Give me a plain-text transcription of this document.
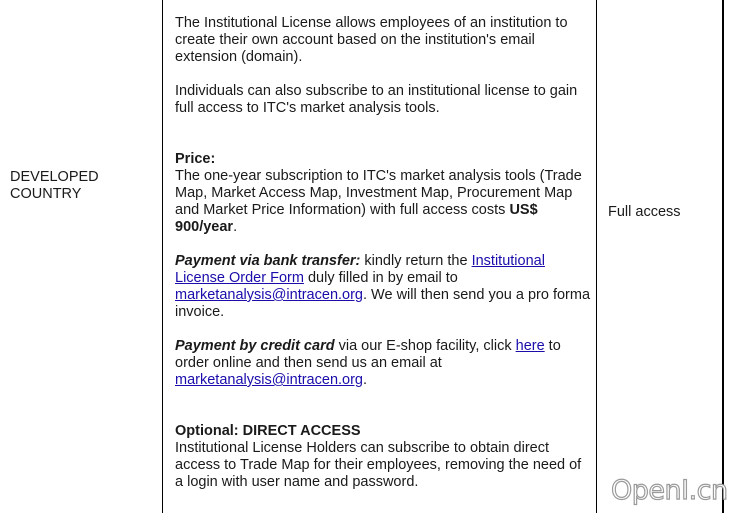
DEVELOPED
COUNTRY

The Institutional License allows employees of an institution to create their own account based on the institution's email extension (domain).

Individuals can also subscribe to an institutional license to gain full access to ITC's market analysis tools.

Price:
The one-year subscription to ITC's market analysis tools (Trade Map, Market Access Map, Investment Map, Procurement Map and Market Price Information) with full access costs US$ 900/year.

Payment via bank transfer: kindly return the Institutional License Order Form duly filled in by email to marketanalysis@intracen.org. We will then send you a pro forma invoice.

Payment by credit card via our E-shop facility, click here to order online and then send us an email at marketanalysis@intracen.org.

Optional: DIRECT ACCESS
Institutional License Holders can subscribe to obtain direct access to Trade Map for their employees, removing the need of a login with user name and password.

Full access
OpenI.cn
